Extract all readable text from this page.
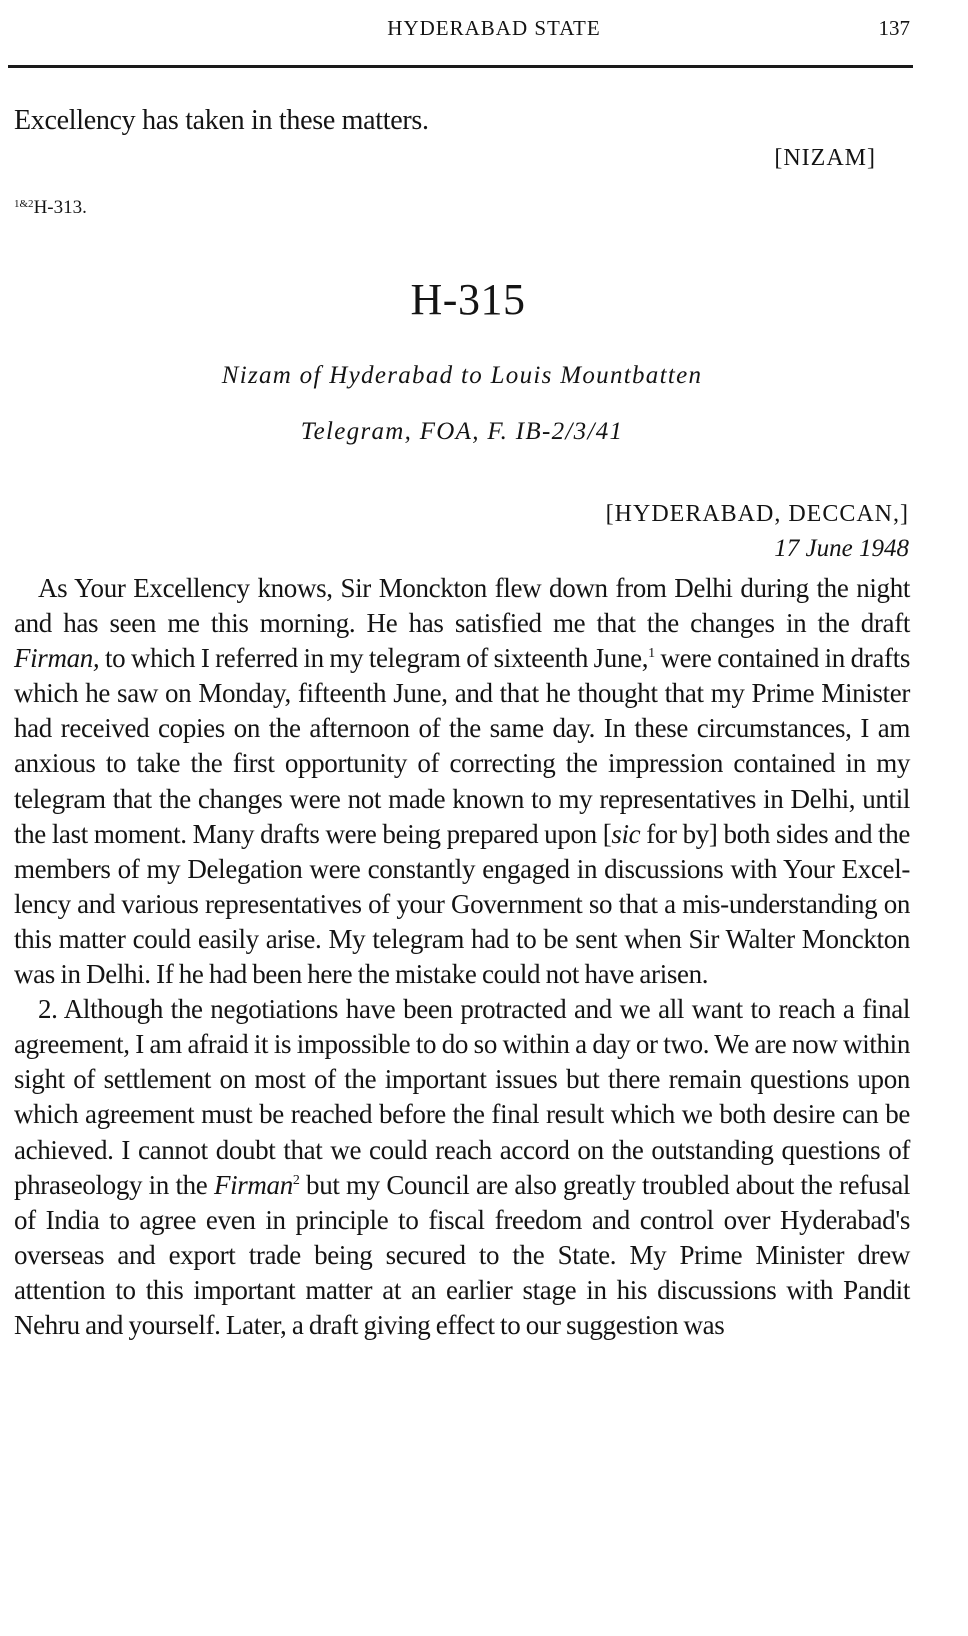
HYDERABAD STATE	137
Excellency has taken in these matters.
[NIZAM]
$^{1\&2}$H-313.
H-315
Nizam of Hyderabad to Louis Mountbatten
Telegram, FOA, F. IB-2/3/41
[HYDERABAD, DECCAN,]
17 June 1948

As Your Excellency knows, Sir Monckton flew down from Delhi during the night and has seen me this morning. He has satisfied me that the changes in the draft Firman, to which I referred in my telegram of sixteenth June,$^1$ were contained in drafts which he saw on Monday, fifteenth June, and that he thought that my Prime Minister had received copies on the afternoon of the same day. In these circumstances, I am anxious to take the first opportunity of correcting the impression contained in my telegram that the changes were not made known to my representatives in Delhi, until the last moment. Many drafts were being prepared upon [sic for by] both sides and the members of my Delegation were constantly engaged in discussions with Your Excel-lency and various representatives of your Government so that a mis-understanding on this matter could easily arise. My telegram had to be sent when Sir Walter Monckton was in Delhi. If he had been here the mistake could not have arisen.

2. Although the negotiations have been protracted and we all want to reach a final agreement, I am afraid it is impossible to do so within a day or two. We are now within sight of settlement on most of the important issues but there remain questions upon which agreement must be reached before the final result which we both desire can be achieved. I cannot doubt that we could reach accord on the outstanding questions of phraseology in the Firman$^2$ but my Council are also greatly troubled about the refusal of India to agree even in principle to fiscal freedom and control over Hyderabad's overseas and export trade being secured to the State. My Prime Minister drew attention to this important matter at an earlier stage in his discussions with Pandit Nehru and yourself. Later, a draft giving effect to our suggestion was
